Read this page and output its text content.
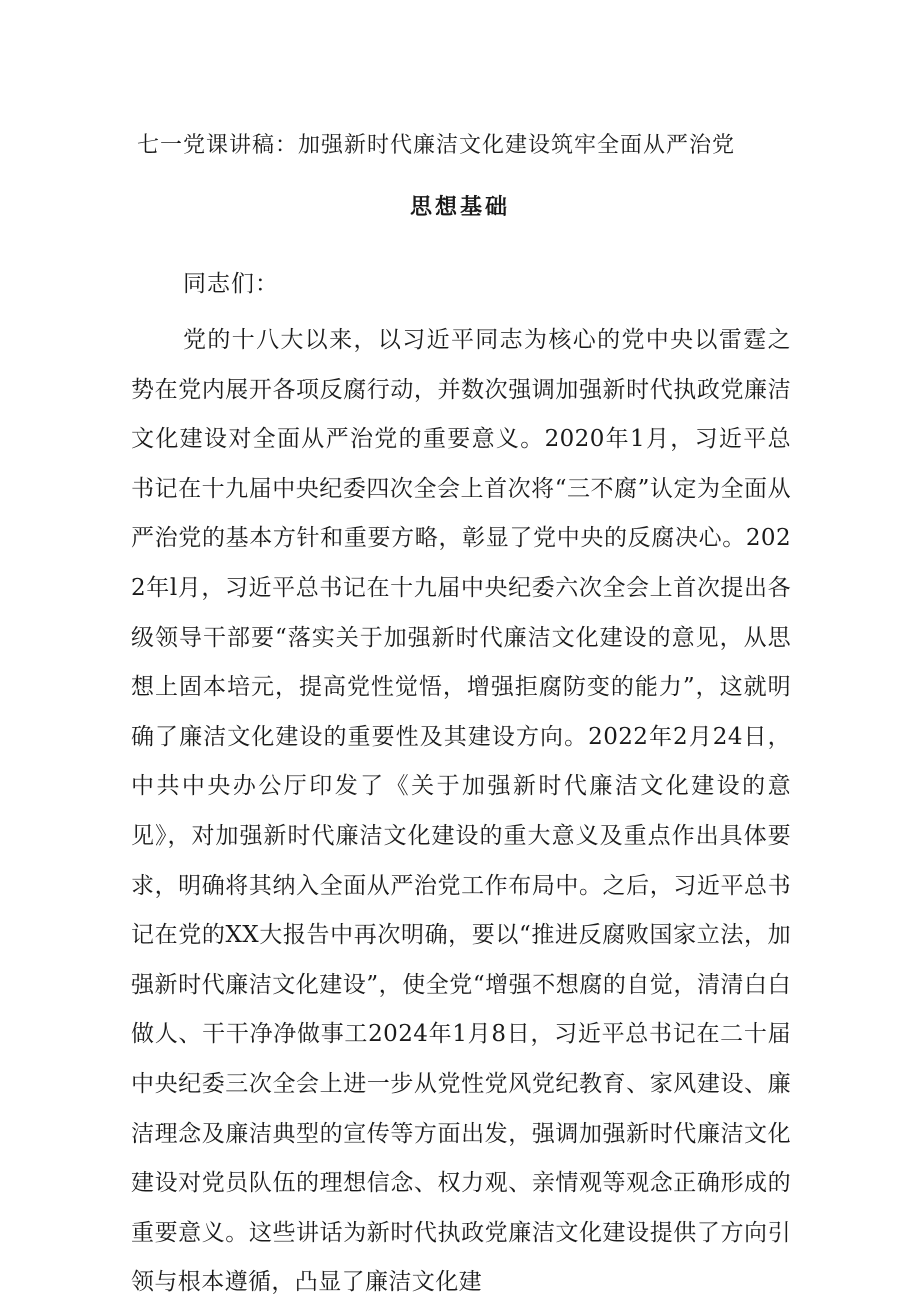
七一党课讲稿：加强新时代廉洁文化建设筑牢全面从严治党
思想基础

同志们：

党的十八大以来，以习近平同志为核心的党中央以雷霆之势在党内展开各项反腐行动，并数次强调加强新时代执政党廉洁文化建设对全面从严治党的重要意义。2020年1月，习近平总书记在十九届中央纪委四次全会上首次将“三不腐”认定为全面从严治党的基本方针和重要方略，彰显了党中央的反腐决心。2022年l月，习近平总书记在十九届中央纪委六次全会上首次提出各级领导干部要“落实关于加强新时代廉洁文化建设的意见，从思想上固本培元，提高党性觉悟，增强拒腐防变的能力”，这就明确了廉洁文化建设的重要性及其建设方向。2022年2月24日，中共中央办公厅印发了《关于加强新时代廉洁文化建设的意见》，对加强新时代廉洁文化建设的重大意义及重点作出具体要求，明确将其纳入全面从严治党工作布局中。之后，习近平总书记在党的XX大报告中再次明确，要以“推进反腐败国家立法，加强新时代廉洁文化建设”，使全党“增强不想腐的自觉，清清白白做人、干干净净做事工2024年1月8日，习近平总书记在二十届中央纪委三次全会上进一步从党性党风党纪教育、家风建设、廉洁理念及廉洁典型的宣传等方面出发，强调加强新时代廉洁文化建设对党员队伍的理想信念、权力观、亲情观等观念正确形成的重要意义。这些讲话为新时代执政党廉洁文化建设提供了方向引领与根本遵循，凸显了廉洁文化建
